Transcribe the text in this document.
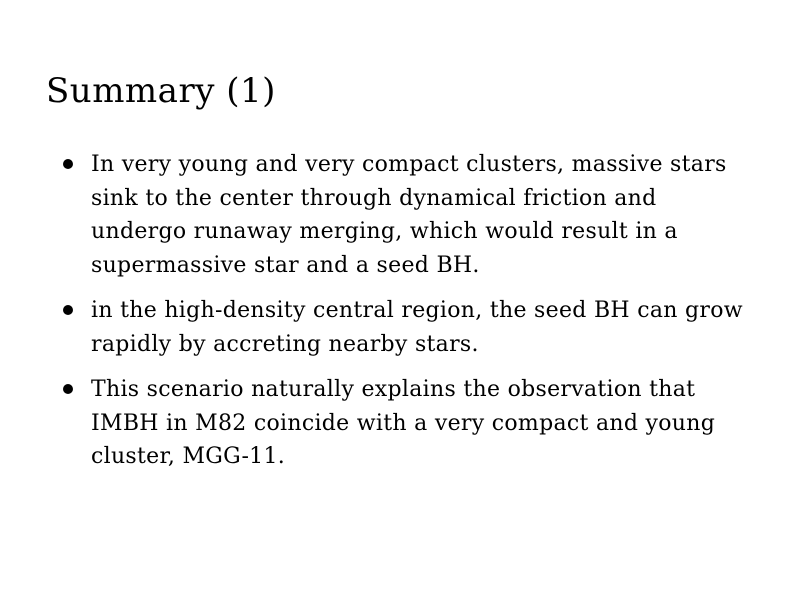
Summary (1)
In very young and very compact clusters, massive stars sink to the center through dynamical friction and undergo runaway merging, which would result in a supermassive star and a seed BH.
in the high-density central region, the seed BH can grow rapidly by accreting nearby stars.
This scenario naturally explains the observation that IMBH in M82 coincide with a very compact and young cluster, MGG-11.
